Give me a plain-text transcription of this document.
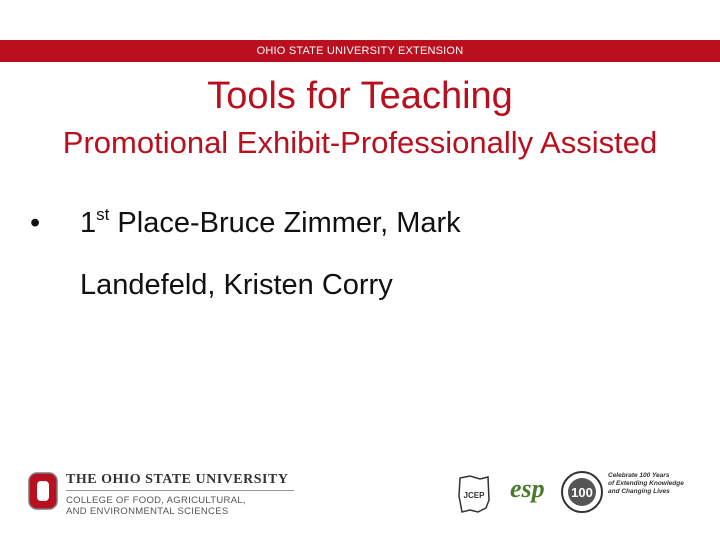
OHIO STATE UNIVERSITY EXTENSION
Tools for Teaching
Promotional Exhibit-Professionally Assisted
• 1st Place-Bruce Zimmer, Mark
Landefeld, Kristen Corry
THE OHIO STATE UNIVERSITY
COLLEGE OF FOOD, AGRICULTURAL,
AND ENVIRONMENTAL SCIENCES
JCEP esp 100
Celebrate 100 Years
of Extending Knowledge
and Changing Lives
